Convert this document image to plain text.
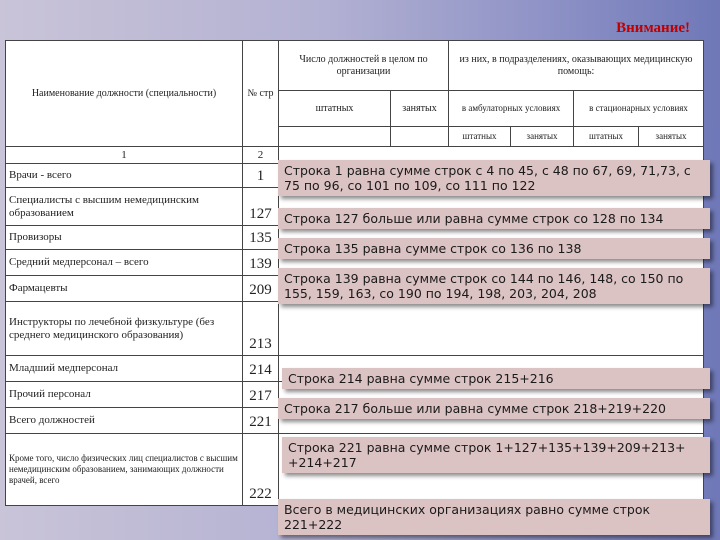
Внимание!
Наименование должности (специальности)	№ стр	Число должностей в целом по организации		из них, в подразделениях, оказывающих медицинскую помощь:			
		штатных	занятых	в амбулаторных условиях		в стационарных условиях	
				штатных	занятых	штатных	занятых
1	2						
Врачи - всего	1						
Специалисты с высшим немедицинским образованием	127						
Провизоры	135						
Средний медперсонал – всего	139						
Фармацевты	209						
Инструкторы по лечебной физкультуре (без среднего медицинского образования)	213						
Младший медперсонал	214						
Прочий персонал	217						
Всего должностей	221						
Кроме того, число физических лиц специалистов с высшим немедицинским образованием, занимающих должности врачей, всего	222						
Строка 1 равна сумме строк с 4 по 45, с 48 по 67, 69, 71,73, с 75 по 96, со 101 по 109, со 111 по 122
Строка 127 больше или равна сумме строк со 128 по 134
Строка 135 равна сумме строк со 136 по 138
Строка 139 равна сумме строк со 144 по 146, 148, со 150 по 155, 159, 163, со 190 по 194, 198, 203, 204, 208
Строка 214 равна сумме строк 215+216
Строка 217 больше или равна сумме строк 218+219+220
Строка 221 равна сумме строк 1+127+135+139+209+213+ +214+217
Всего в медицинских организациях равно сумме строк 221+222
